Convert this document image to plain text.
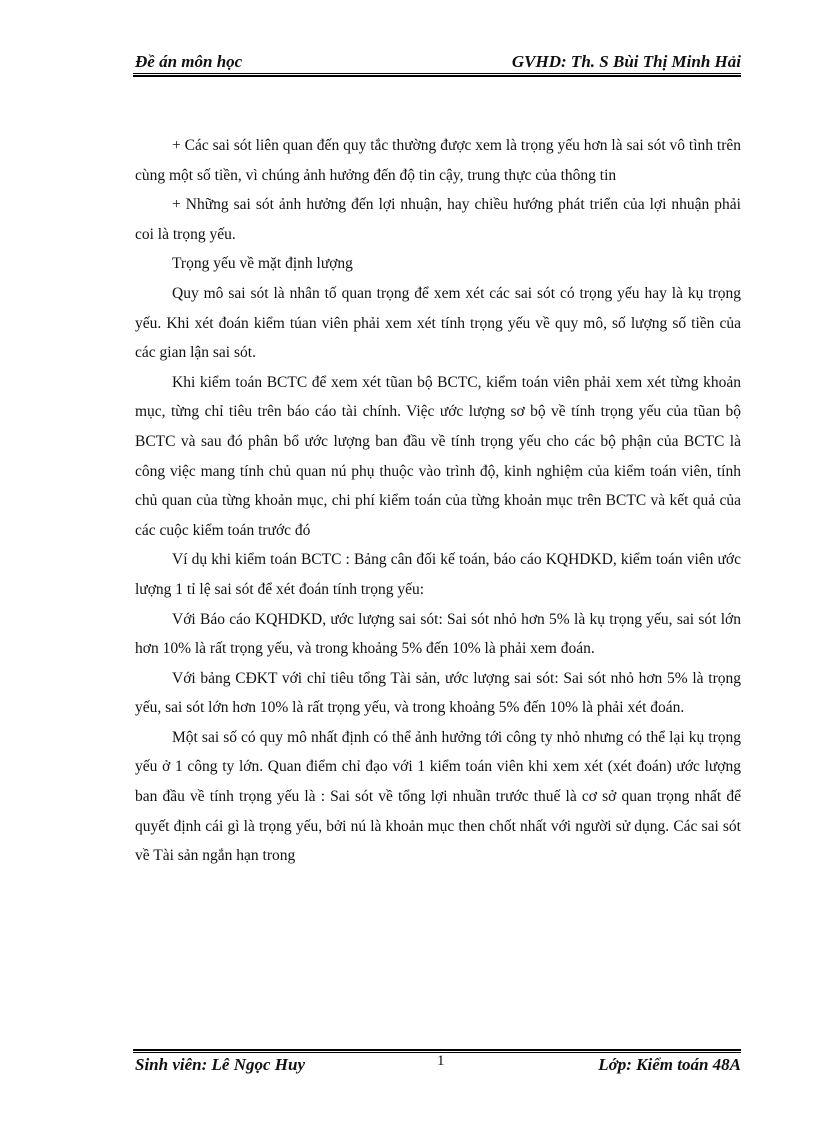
Đề án môn học	GVHD: Th. S Bùi Thị Minh Hải

+ Các sai sót liên quan đến quy tắc thường được xem là trọng yếu hơn là sai sót vô tình trên cùng một số tiền, vì chúng ảnh hưởng đến độ tin cậy, trung thực của thông tin

+ Những sai sót ảnh hưởng đến lợi nhuận, hay chiều hướng phát triển của lợi nhuận phải coi là trọng yếu.

Trọng yếu về mặt định lượng

Quy mô sai sót là nhân tố quan trọng để xem xét các sai sót có trọng yếu hay là kụ trọng yếu. Khi xét đoán kiểm túan viên phải xem xét tính trọng yếu về quy mô, số lượng số tiền của các gian lận sai sót.

Khi kiểm toán BCTC để xem xét tũan bộ BCTC, kiểm toán viên phải xem xét từng khoản mục, từng chỉ tiêu trên báo cáo tài chính. Việc ước lượng sơ bộ về tính trọng yếu của tũan bộ BCTC và sau đó phân bổ ước lượng ban đầu về tính trọng yếu cho các bộ phận của BCTC là công việc mang tính chủ quan nú phụ thuộc vào trình độ, kinh nghiệm của kiểm toán viên, tính chủ quan của từng khoản mục, chi phí kiểm toán của từng khoản mục trên BCTC và kết quả của các cuộc kiểm toán trước đó

Ví dụ khi kiểm toán BCTC : Bảng cân đối kế toán, báo cáo KQHDKD, kiểm toán viên ước lượng 1 tỉ lệ sai sót để xét đoán tính trọng yếu:

Với Báo cáo KQHDKD, ước lượng sai sót: Sai sót nhỏ hơn 5% là kụ trọng yếu, sai sót lớn hơn 10% là rất trọng yếu, và trong khoảng 5% đến 10% là phải xem đoán.

Với bảng CĐKT với chỉ tiêu tổng Tài sản, ước lượng sai sót: Sai sót nhỏ hơn 5% là trọng yếu, sai sót lớn hơn 10% là rất trọng yếu, và trong khoảng 5% đến 10% là phải xét đoán.

Một sai số có quy mô nhất định có thể ảnh hưởng tới công ty nhỏ nhưng có thể lại kụ trọng yếu ở 1 công ty lớn. Quan điểm chỉ đạo với 1 kiểm toán viên khi xem xét (xét đoán) ước lượng ban đầu về tính trọng yếu là : Sai sót về tổng lợi nhuần trước thuế là cơ sở quan trọng nhất để quyết định cái gì là trọng yếu, bởi nú là khoản mục then chốt nhất với người sử dụng. Các sai sót về Tài sản ngắn hạn trong

Sinh viên: Lê Ngọc Huy	1	Lớp: Kiểm toán 48A
